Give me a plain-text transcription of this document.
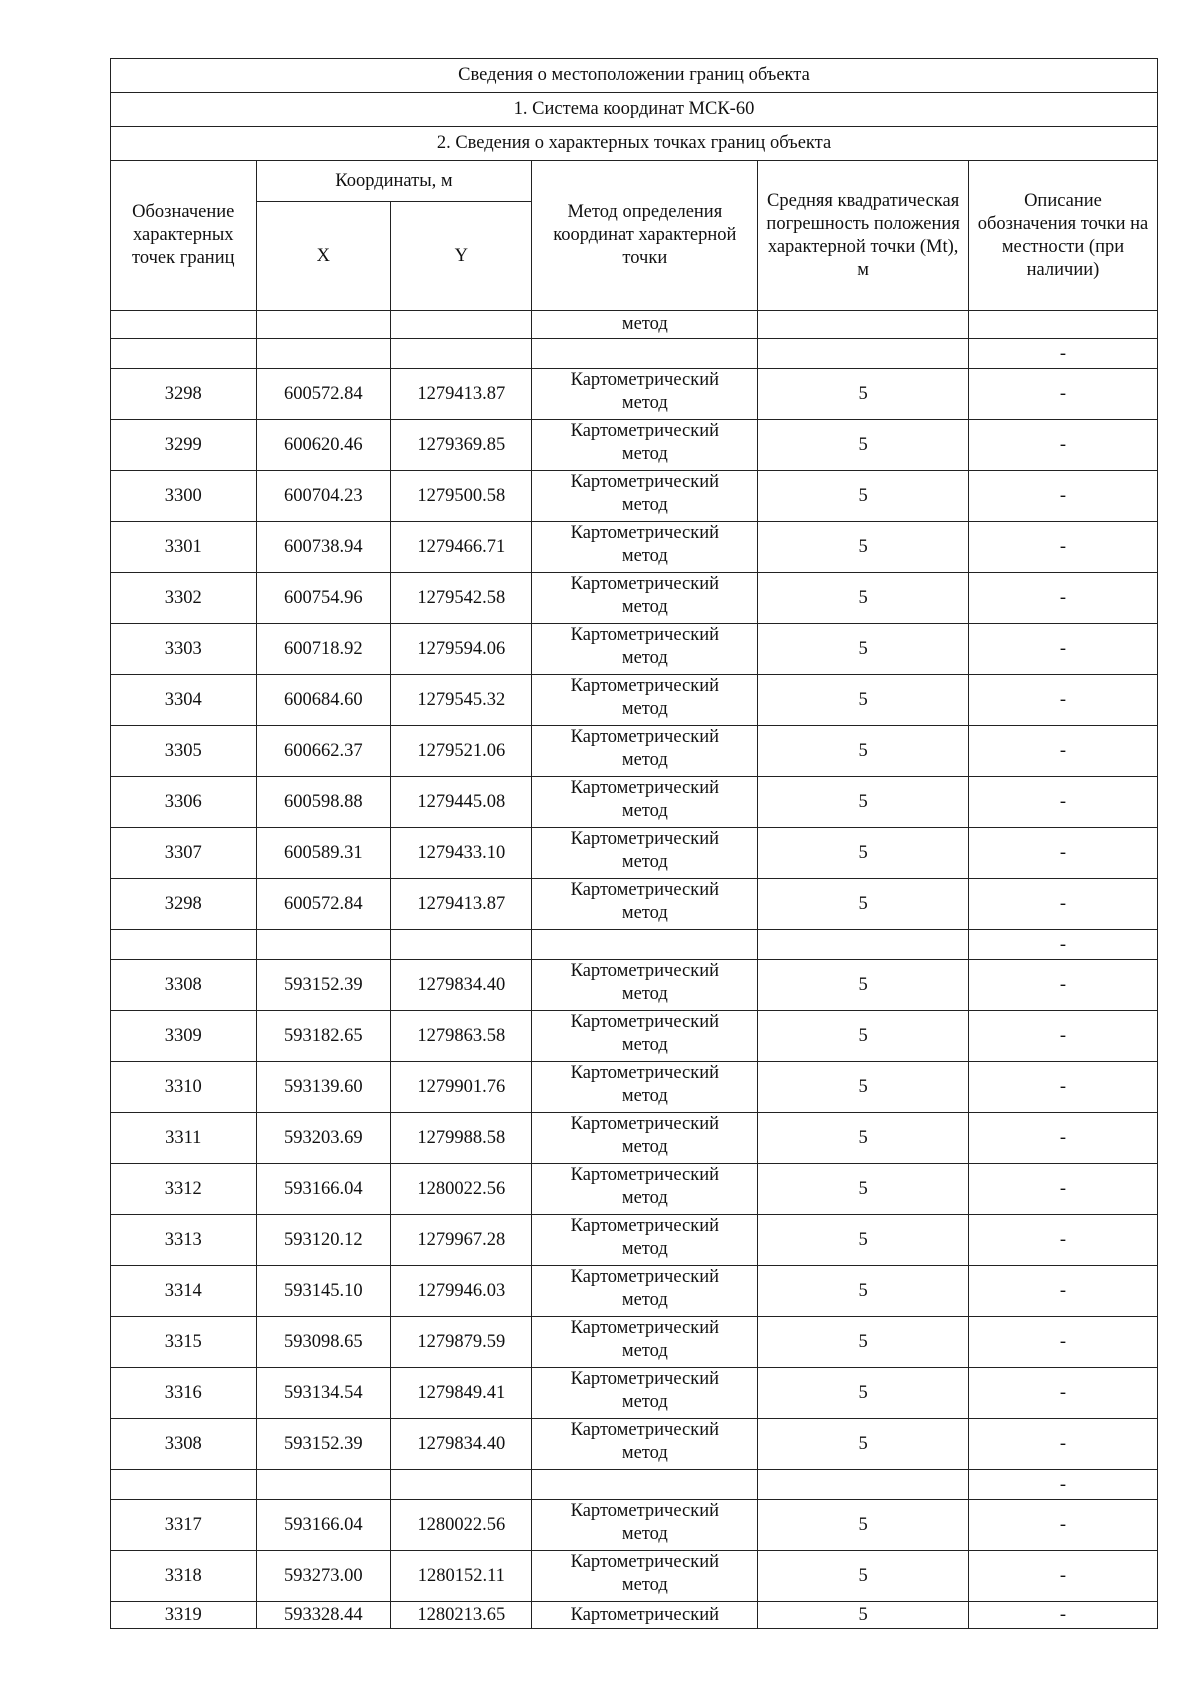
Сведения о местоположении границ объекта					
1. Система координат МСК-60					
2. Сведения о характерных точках границ объекта					
Обозначение характерных точек границ	Координаты, м		Метод определения координат характерной точки	Средняя квадратическая погрешность положения характерной точки (Mt), м	Описание обозначения точки на местности (при наличии)
	X	Y			
			метод		
					-
3298	600572.84	1279413.87	Картометрический
метод	5	-
3299	600620.46	1279369.85	Картометрический
метод	5	-
3300	600704.23	1279500.58	Картометрический
метод	5	-
3301	600738.94	1279466.71	Картометрический
метод	5	-
3302	600754.96	1279542.58	Картометрический
метод	5	-
3303	600718.92	1279594.06	Картометрический
метод	5	-
3304	600684.60	1279545.32	Картометрический
метод	5	-
3305	600662.37	1279521.06	Картометрический
метод	5	-
3306	600598.88	1279445.08	Картометрический
метод	5	-
3307	600589.31	1279433.10	Картометрический
метод	5	-
3298	600572.84	1279413.87	Картометрический
метод	5	-
					-
3308	593152.39	1279834.40	Картометрический
метод	5	-
3309	593182.65	1279863.58	Картометрический
метод	5	-
3310	593139.60	1279901.76	Картометрический
метод	5	-
3311	593203.69	1279988.58	Картометрический
метод	5	-
3312	593166.04	1280022.56	Картометрический
метод	5	-
3313	593120.12	1279967.28	Картометрический
метод	5	-
3314	593145.10	1279946.03	Картометрический
метод	5	-
3315	593098.65	1279879.59	Картометрический
метод	5	-
3316	593134.54	1279849.41	Картометрический
метод	5	-
3308	593152.39	1279834.40	Картометрический
метод	5	-
					-
3317	593166.04	1280022.56	Картометрический
метод	5	-
3318	593273.00	1280152.11	Картометрический
метод	5	-
3319	593328.44	1280213.65	Картометрический	5	-
